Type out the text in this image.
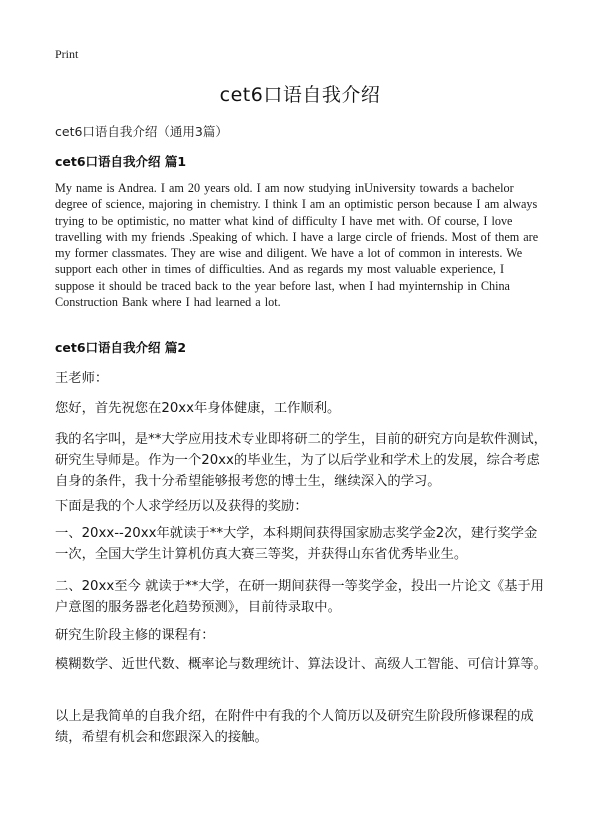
Print
cet6口语自我介绍
cet6口语自我介绍（通用3篇）
cet6口语自我介绍 篇1

My name is Andrea. I am 20 years old. I am now studying inUniversity towards a bachelor degree of science, majoring in chemistry. I think I am an optimistic person because I am always trying to be optimistic, no matter what kind of difficulty I have met with. Of course, I love travelling with my friends .Speaking of which. I have a large circle of friends. Most of them are my former classmates. They are wise and diligent. We have a lot of common in interests. We support each other in times of difficulties. And as regards my most valuable experience, I suppose it should be traced back to the year before last, when I had myinternship in China Construction Bank where I had learned a lot.

cet6口语自我介绍 篇2

王老师：

您好，首先祝您在20xx年身体健康，工作顺利。

我的名字叫，是**大学应用技术专业即将研二的学生，目前的研究方向是软件测试，研究生导师是。作为一个20xx的毕业生，为了以后学业和学术上的发展，综合考虑自身的条件，我十分希望能够报考您的博士生，继续深入的学习。

下面是我的个人求学经历以及获得的奖励：

一、20xx--20xx年就读于**大学，本科期间获得国家励志奖学金2次，建行奖学金一次，全国大学生计算机仿真大赛三等奖，并获得山东省优秀毕业生。

二、20xx至今 就读于**大学，在研一期间获得一等奖学金，投出一片论文《基于用户意图的服务器老化趋势预测》，目前待录取中。

研究生阶段主修的课程有：

模糊数学、近世代数、概率论与数理统计、算法设计、高级人工智能、可信计算等。

以上是我简单的自我介绍，在附件中有我的个人简历以及研究生阶段所修课程的成绩，希望有机会和您跟深入的接触。
